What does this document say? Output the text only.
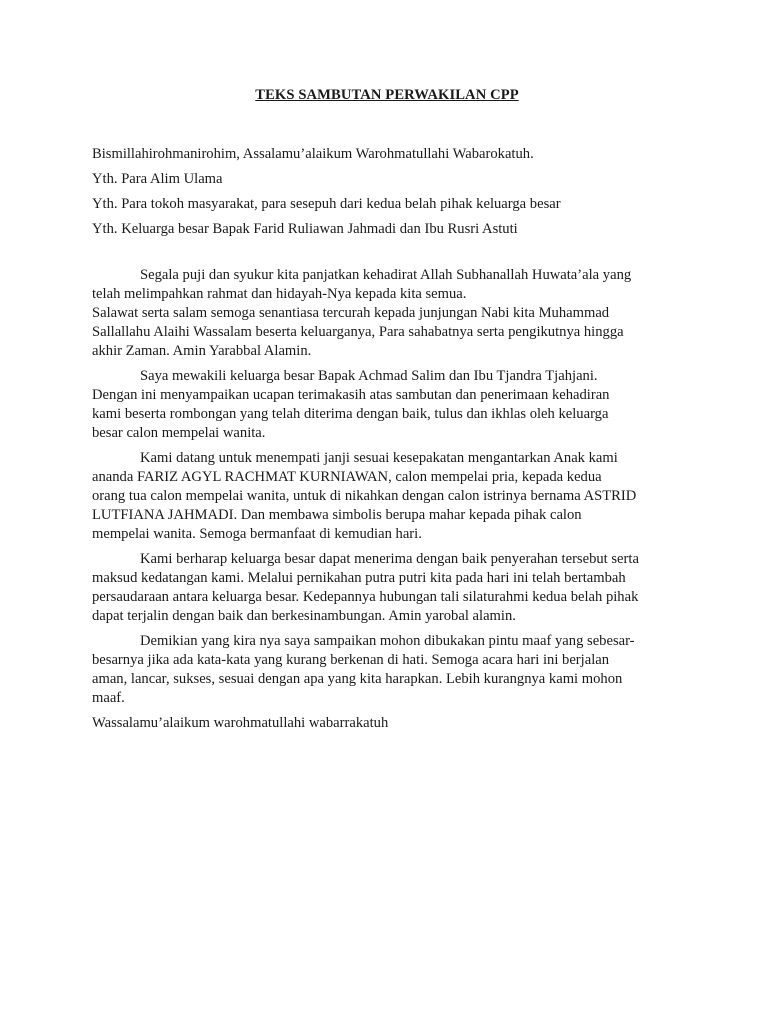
TEKS SAMBUTAN PERWAKILAN CPP
Bismillahirohmanirohim, Assalamu’alaikum Warohmatullahi Wabarokatuh.
Yth. Para Alim Ulama
Yth. Para tokoh masyarakat, para sesepuh dari kedua belah pihak keluarga besar
Yth. Keluarga besar Bapak Farid Ruliawan Jahmadi dan Ibu Rusri Astuti
Segala puji dan syukur kita panjatkan kehadirat Allah Subhanallah Huwata’ala yang
telah melimpahkan rahmat dan hidayah-Nya kepada kita semua.
Salawat serta salam semoga senantiasa tercurah kepada junjungan Nabi kita Muhammad
Sallallahu Alaihi Wassalam beserta keluarganya, Para sahabatnya serta pengikutnya hingga
akhir Zaman. Amin Yarabbal Alamin.
Saya mewakili keluarga besar Bapak Achmad Salim dan Ibu Tjandra Tjahjani.
Dengan ini menyampaikan ucapan terimakasih atas sambutan dan penerimaan kehadiran
kami beserta rombongan yang telah diterima dengan baik, tulus dan ikhlas oleh keluarga
besar calon mempelai wanita.
Kami datang untuk menempati janji sesuai kesepakatan mengantarkan Anak kami
ananda FARIZ AGYL RACHMAT KURNIAWAN, calon mempelai pria, kepada kedua
orang tua calon mempelai wanita, untuk di nikahkan dengan calon istrinya bernama ASTRID
LUTFIANA JAHMADI. Dan membawa simbolis berupa mahar kepada pihak calon
mempelai wanita. Semoga bermanfaat di kemudian hari.
Kami berharap keluarga besar dapat menerima dengan baik penyerahan tersebut serta
maksud kedatangan kami. Melalui pernikahan putra putri kita pada hari ini telah bertambah
persaudaraan antara keluarga besar. Kedepannya hubungan tali silaturahmi kedua belah pihak
dapat terjalin dengan baik dan berkesinambungan. Amin yarobal alamin.
Demikian yang kira nya saya sampaikan mohon dibukakan pintu maaf yang sebesar-
besarnya jika ada kata-kata yang kurang berkenan di hati. Semoga acara hari ini berjalan
aman, lancar, sukses, sesuai dengan apa yang kita harapkan. Lebih kurangnya kami mohon
maaf.
Wassalamu’alaikum warohmatullahi wabarrakatuh
